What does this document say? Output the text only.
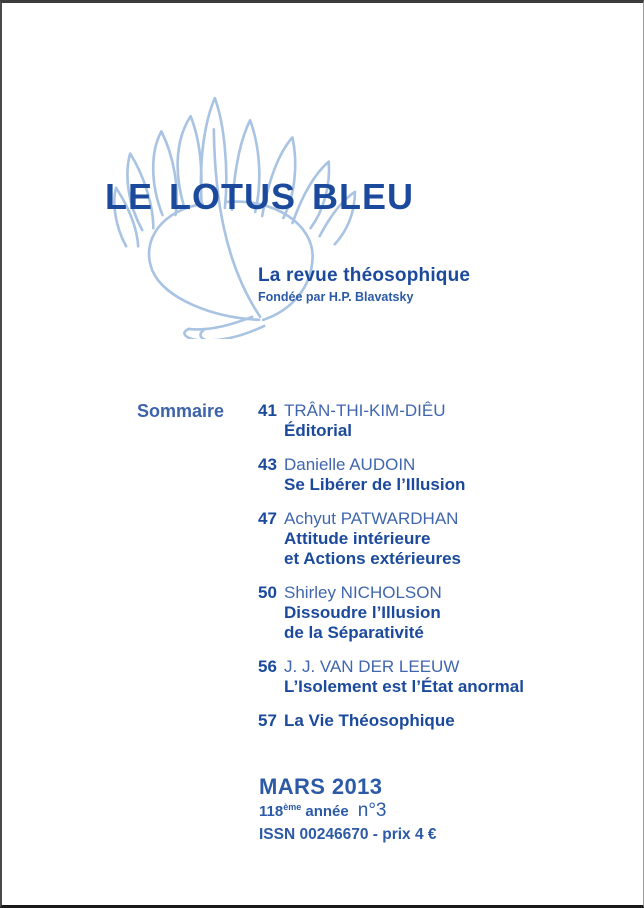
LE LOTUS BLEU
La revue théosophique
Fondée par H.P. Blavatsky
Sommaire 41 TRÂN-THI-KIM-DIÊU
Éditorial
43 Danielle AUDOIN
Se Libérer de l’Illusion
47 Achyut PATWARDHAN
Attitude intérieure
et Actions extérieures
50 Shirley NICHOLSON
Dissoudre l’Illusion
de la Séparativité
56 J. J. VAN DER LEEUW
L’Isolement est l’État anormal
57 La Vie Théosophique
MARS 2013
118ème année n°3
ISSN 00246670 - prix 4 €
